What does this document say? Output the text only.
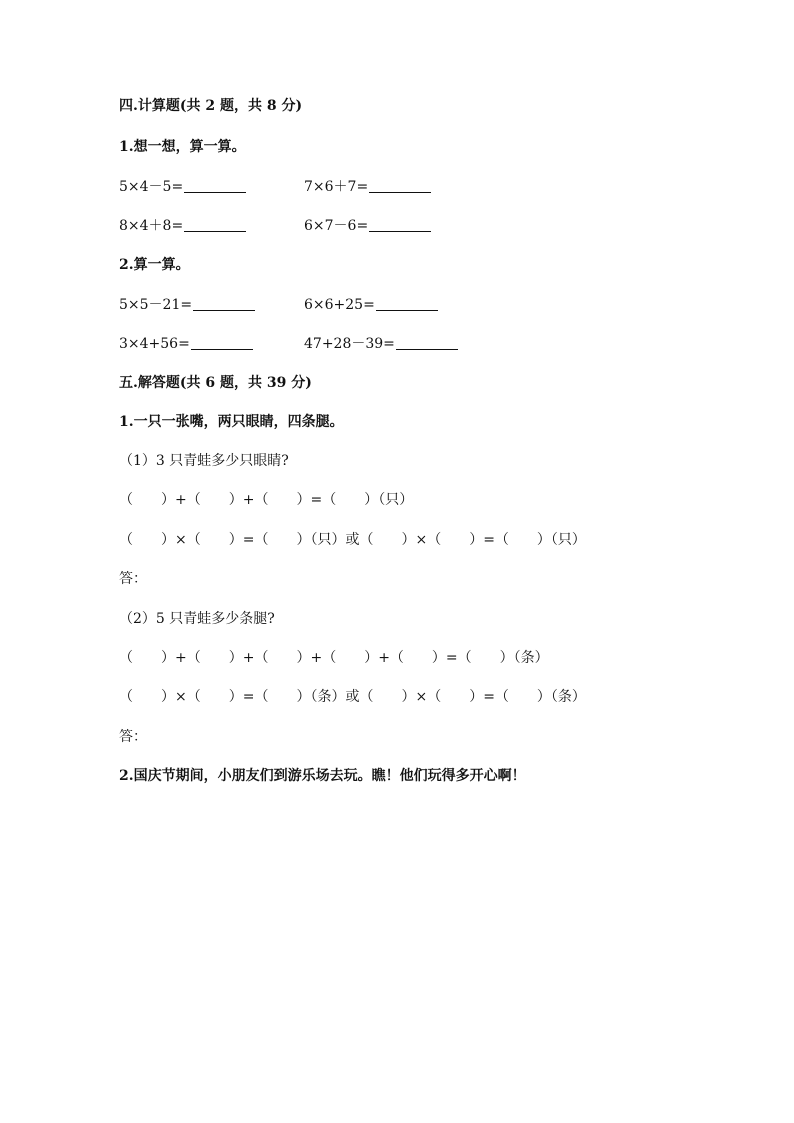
四.计算题(共 2 题，共 8 分)
1.想一想，算一算。
5×4－5=	7×6＋7=
8×4＋8=	6×7－6=
2.算一算。
5×5－21=	6×6+25=
3×4+56=	47+28－39=
五.解答题(共 6 题，共 39 分)
1.一只一张嘴，两只眼睛，四条腿。
（1）3 只青蛙多少只眼睛?
（　　）+（　　）+（　　）=（　　）（只）
（　　）×（　　）=（　　）（只）或（　　）×（　　）=（　　）（只）
答：
（2）5 只青蛙多少条腿?
（　　）+（　　）+（　　）+（　　）+（　　）=（　　）（条）
（　　）×（　　）=（　　）（条）或（　　）×（　　）=（　　）（条）
答：
2.国庆节期间，小朋友们到游乐场去玩。瞧！他们玩得多开心啊！
